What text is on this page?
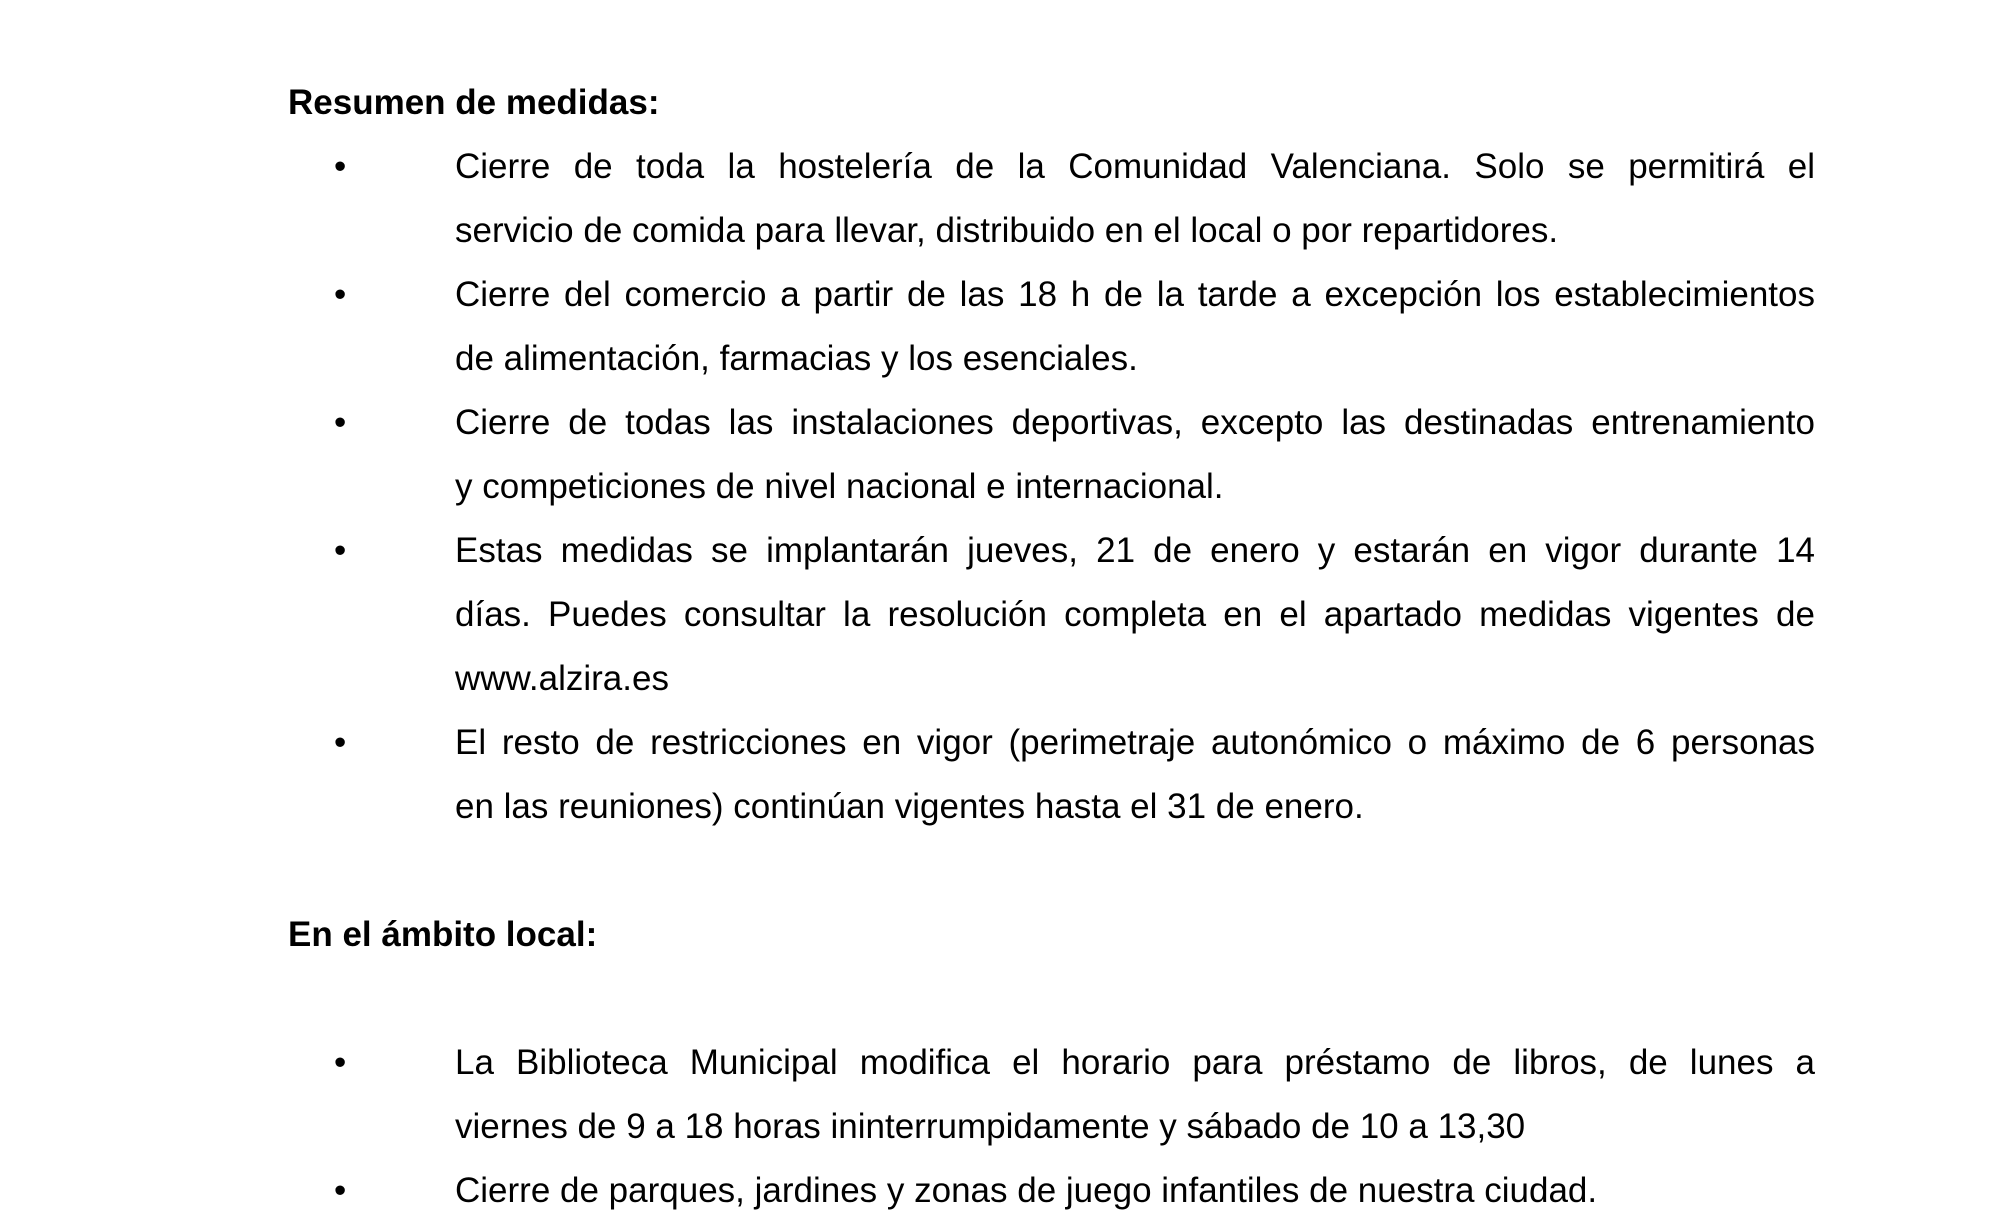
Resumen de medidas:
•	Cierre de toda la hostelería de la Comunidad Valenciana. Solo se permitirá el
servicio de comida para llevar, distribuido en el local o por repartidores.
•	Cierre del comercio a partir de las 18 h de la tarde a excepción los establecimientos
de alimentación, farmacias y los esenciales.
•	Cierre de todas las instalaciones deportivas, excepto las destinadas entrenamiento
y competiciones de nivel nacional e internacional.
•	Estas medidas se implantarán jueves, 21 de enero y estarán en vigor durante 14
días. Puedes consultar la resolución completa en el apartado medidas vigentes de
www.alzira.es
•	El resto de restricciones en vigor (perimetraje autonómico o máximo de 6 personas
en las reuniones) continúan vigentes hasta el 31 de enero.
En el ámbito local:
•	La Biblioteca Municipal modifica el horario para préstamo de libros, de lunes a
viernes de 9 a 18 horas ininterrumpidamente y sábado de 10 a 13,30
•	Cierre de parques, jardines y zonas de juego infantiles de nuestra ciudad.
